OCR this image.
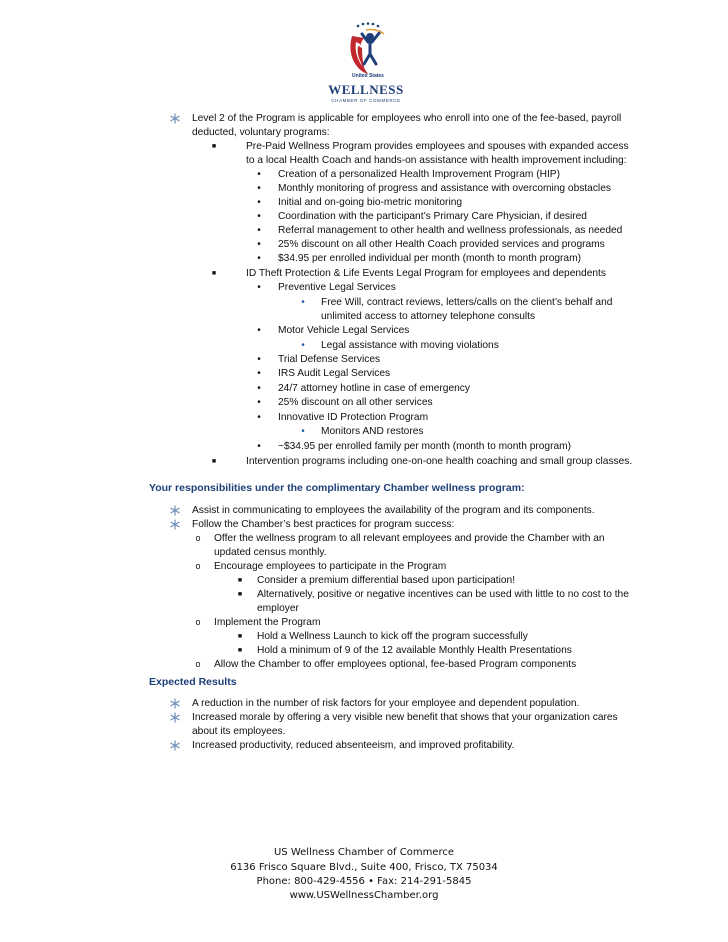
United States
WELLNESS
CHAMBER OF COMMERCE
Level 2 of the Program is applicable for employees who enroll into one of the fee-based, payroll
deducted, voluntary programs:
■	Pre-Paid Wellness Program provides employees and spouses with expanded access
to a local Health Coach and hands-on assistance with health improvement including:
•	Creation of a personalized Health Improvement Program (HIP)
•	Monthly monitoring of progress and assistance with overcoming obstacles
•	Initial and on-going bio-metric monitoring
•	Coordination with the participant’s Primary Care Physician, if desired
•	Referral management to other health and wellness professionals, as needed
•	25% discount on all other Health Coach provided services and programs
•	$34.95 per enrolled individual per month (month to month program)
■	ID Theft Protection & Life Events Legal Program for employees and dependents
•	Preventive Legal Services
•	Free Will, contract reviews, letters/calls on the client’s behalf and
unlimited access to attorney telephone consults
•	Motor Vehicle Legal Services
•	Legal assistance with moving violations
•	Trial Defense Services
•	IRS Audit Legal Services
•	24/7 attorney hotline in case of emergency
•	25% discount on all other services
•	Innovative ID Protection Program
•	Monitors AND restores
•	~$34.95 per enrolled family per month (month to month program)
■	Intervention programs including one-on-one health coaching and small group classes.
Your responsibilities under the complimentary Chamber wellness program:
Assist in communicating to employees the availability of the program and its components.
Follow the Chamber’s best practices for program success:
o	Offer the wellness program to all relevant employees and provide the Chamber with an
updated census monthly.
o	Encourage employees to participate in the Program
■	Consider a premium differential based upon participation!
■	Alternatively, positive or negative incentives can be used with little to no cost to the
employer
o	Implement the Program
■	Hold a Wellness Launch to kick off the program successfully
■	Hold a minimum of 9 of the 12 available Monthly Health Presentations
o	Allow the Chamber to offer employees optional, fee-based Program components
Expected Results
A reduction in the number of risk factors for your employee and dependent population.
Increased morale by offering a very visible new benefit that shows that your organization cares
about its employees.
Increased productivity, reduced absenteeism, and improved profitability.
US Wellness Chamber of Commerce
6136 Frisco Square Blvd., Suite 400, Frisco, TX 75034
Phone: 800-429-4556 • Fax: 214-291-5845
www.USWellnessChamber.org
